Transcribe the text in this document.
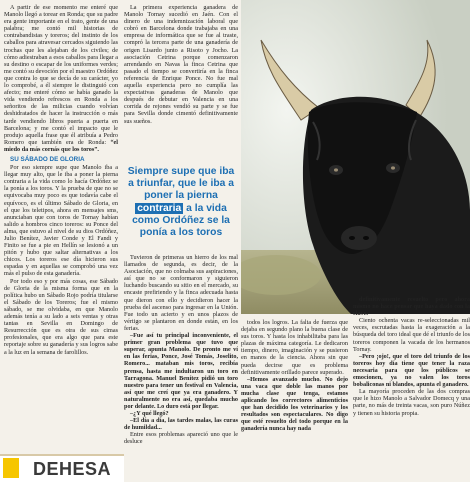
A partir de ese momento me enteré que Manolo llegó a torear en Ronda; que su padre era gente importante en el trato, gente de una palabra; me contó mil historias de contrabandistas y toreros; del instinto de los caballos para atravesar cercados siguiendo las trochas que les alejaban de los civiles; de cómo adiestraban a esos caballos para llegar a su destino o escapar de los uniformes verdes; me contó su devoción por el maestro Ordóñez que contra lo que se decía de su carácter, yo lo comprobé, a él siempre le distinguió con afecto; me enteré cómo se había ganado la vida vendiendo refrescos en Ronda a los señoritos de las milicias cuando volvían deshidratados de hacer la instrucción o más tarde vendiendo libros puerta a puerta en Barcelona; y me contó el impacto que le produjo aquella frase que él atribuía a Pedro Romero que también era de Ronda: “el miedo da más cornás que los toros”.

SU SÁBADO DE GLORIA

Por eso siempre supe que Manolo iba a llegar muy alto, que le iba a poner la pierna contraria a la vida como lo hacía Ordóñez se la ponía a los toros. Y la prueba de que no se equivocaba muy poco es que todavía cabe el equívoco, es el último Sábado de Gloria, en el que los teletipos, ahora en mensajes sms, anunciaban que con toros de Tornay habían salido a hombros cinco toreros: su Ponce del alma, que estuvo al nivel de su dios Ordóñez, Julio Benítez, Javier Conde y El Fandi y Finito se fue a pie en Hellín se lesionó a un pitón y hubo que saltar alternativas a los chicos. Los toreros ese día hicieron sus espadas y en aquellas se comprobó una vez más el pulso de esta ganadería.

Por todo eso y por más cosas, ese Sábado de Gloria de la misma forma que en la política hubo un Sábado Rojo podría titularse el Sábado de los Toreros; fue el mismo sábado, se me olvidaba, en que Manolo además tenía a su lado a seis ventas y otras tantas en Sevilla en Domingo de Resurrección que es otra de sus cimas profesionales, que era algo que para este reportaje sobre su ganadería y sus logros sabe a la luz en la semana de farolillos.

La primera experiencia ganadera de Manolo Tornay sucedió en Jaén. Con el dinero de una indemnización laboral que cobró en Barcelona donde trabajaba en una empresa de informática que se fue al traste, compró la tercera parte de una ganadería de origen Lisardo junto a Risoto y Jocho. La asociación Cetrina porque comenzaron arrendando en Navas la finca Cetrina que pasado el tiempo se convertiría en la finca referencia de Enrique Ponce. No fue mal aquella experiencia pero no cumplía las expectativas ganaderas de Manolo que después de debutar en Valencia en una corrida de rejones vendió su parte y se fue para Sevilla donde cimentó definitivamente sus sueños.

Siempre supe que iba
a triunfar, que le iba a
poner la pierna
contraria a la vida
como Ordóñez se la
ponía a los toros

Tuvieron de primeras un hierro de los mal llamados de segunda, es decir, de la Asociación, que no colmaba sus aspiraciones, así que no se conformaron y siguieron luchando buscando su sitio en el mercado, su encaste prefiriendo y la finca adecuada hasta que dieron con ello y decidieron hacer la prueba del ascenso para ingresar en la Unión. Fue todo un acierto y en unos plazos de vértigo se plantaron en donde están, en los ferias.

–Fue así tu principal inconveniente, el primer gran problema que tuvo que superar, apunta Manolo. De pronto me ví en las ferias, Ponce, José Tomás, Joselito, Romero... mataban mis toros, recibía prensa, hasta me indultaron un toro en Tarragona. Manuel Benítez pidió un toro nuestro para tener un festival en Valencia, así que me creí que ya era ganadero. Y naturalmente no era así, quedaba mucho por delante. Lo duro está por llegar.

–¿Y qué llegó?

–El día a día, las tardes malas, las curas de humildad...

Entre esos problemas apareció uno que le desluce

todos los logros. La falta de fuerza que dejaba en segundo plano la buena clase de sus toros. Y hasta los inhabilitaba para las plazas de máxima categoría. Le dedicaron tiempo, dinero, imaginación y se pusieron en manos de la ciencia. Ahora sin que pueda decirse que es problema definitivamente orillado parece superado.

–Hemos avanzado mucho. No dejo una vaca que doble las manos por mucha clase que tenga, estamos aplicando los correctores alimenticios que han decidido los veterinarios y los resultados son espectaculares. No digo que esté resuelto del todo porque en la ganadería nunca hay nada

definitivamente resuelto pero ahora mismo no hace pensar que haya dado con la clave.

Ciento ochenta vacas re-seleccionadas mil veces, escrutadas hasta la exageración a la búsqueda del toro ideal que dé el triunfo de los toreros componen la vacada de los hermanos Tornay.

–Pero ¡ojo!, que el toro del triunfo de los toreros hoy día tiene que tener la raza necesaria para que los públicos se emocionen, ya no valen los toros bobaliconas ni blandos, apunta el ganadero.

La mayoría proceden de las dos compras que le hizo Manolo a Salvador Domecq y una parte, no más de treinta vacas, son puro Núñez y tienen su historia propia.

DEHESA
